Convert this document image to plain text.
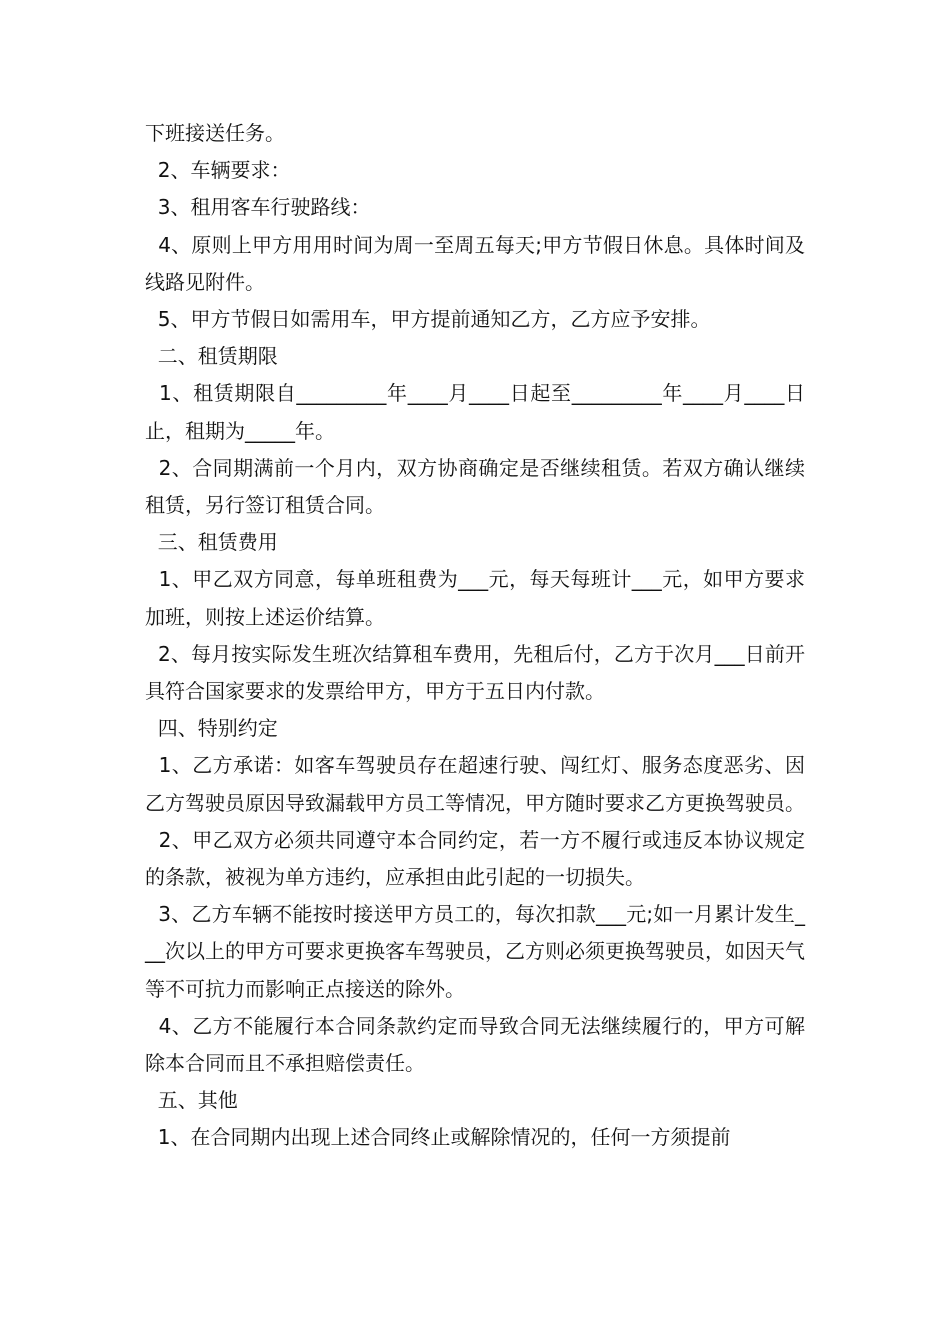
下班接送任务。

2、车辆要求：

3、租用客车行驶路线：

4、原则上甲方用用时间为周一至周五每天;甲方节假日休息。具体时间及线路见附件。

5、甲方节假日如需用车，甲方提前通知乙方，乙方应予安排。

二、租赁期限

1、租赁期限自_________年____月____日起至_________年____月____日止，租期为_____年。

2、合同期满前一个月内，双方协商确定是否继续租赁。若双方确认继续租赁，另行签订租赁合同。

三、租赁费用

1、甲乙双方同意，每单班租费为___元，每天每班计___元，如甲方要求加班，则按上述运价结算。

2、每月按实际发生班次结算租车费用，先租后付，乙方于次月___日前开具符合国家要求的发票给甲方，甲方于五日内付款。

四、特别约定

1、乙方承诺：如客车驾驶员存在超速行驶、闯红灯、服务态度恶劣、因乙方驾驶员原因导致漏载甲方员工等情况，甲方随时要求乙方更换驾驶员。

2、甲乙双方必须共同遵守本合同约定，若一方不履行或违反本协议规定的条款，被视为单方违约，应承担由此引起的一切损失。

3、乙方车辆不能按时接送甲方员工的，每次扣款___元;如一月累计发生___次以上的甲方可要求更换客车驾驶员，乙方则必须更换驾驶员，如因天气等不可抗力而影响正点接送的除外。

4、乙方不能履行本合同条款约定而导致合同无法继续履行的，甲方可解除本合同而且不承担赔偿责任。

五、其他

1、在合同期内出现上述合同终止或解除情况的，任何一方须提前
